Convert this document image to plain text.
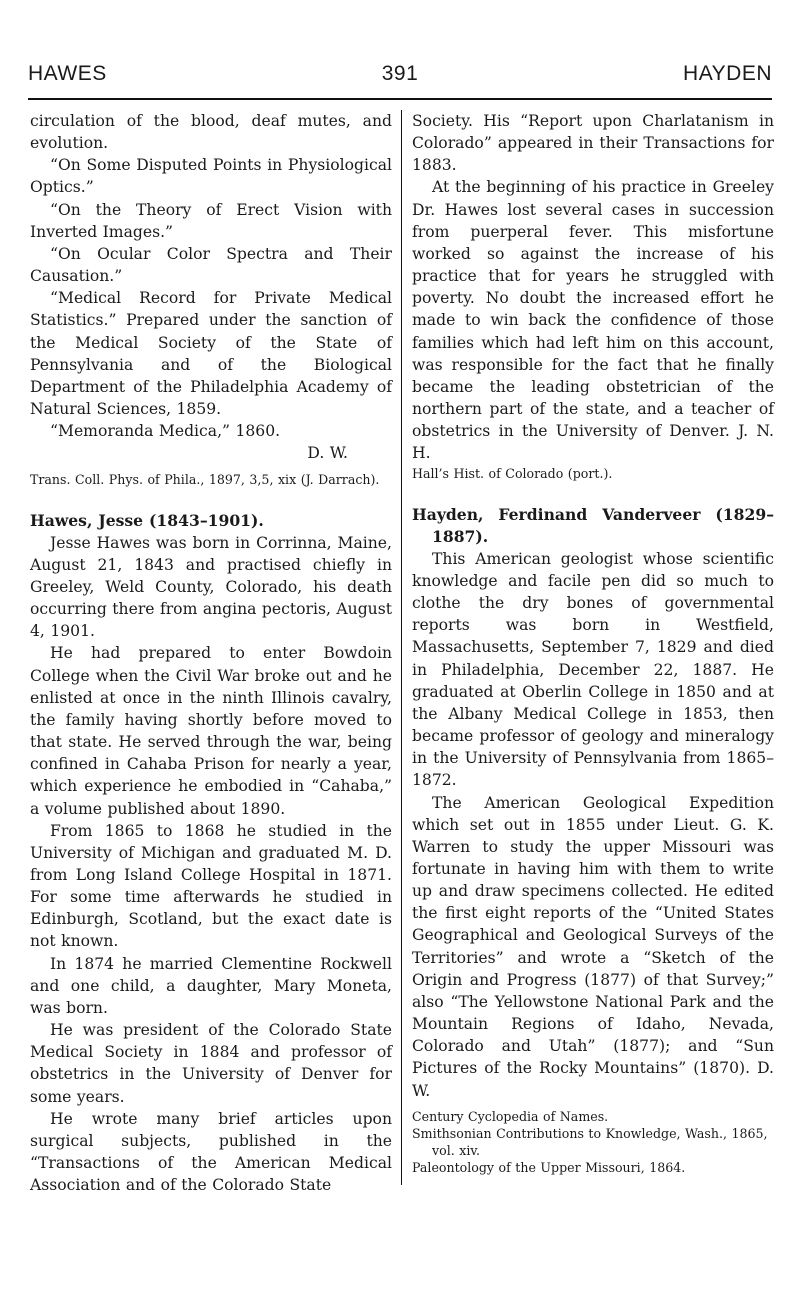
HAWES	391	HAYDEN

circulation of the blood, deaf mutes, and evolution.

“On Some Disputed Points in Physiological Optics.”

“On the Theory of Erect Vision with Inverted Images.”

“On Ocular Color Spectra and Their Causation.”

“Medical Record for Private Medical Statistics.” Prepared under the sanction of the Medical Society of the State of Pennsylvania and of the Biological Department of the Philadelphia Academy of Natural Sciences, 1859.

“Memoranda Medica,” 1860.

D. W.

Trans. Coll. Phys. of Phila., 1897, 3,5, xix (J. Darrach).

Hawes, Jesse (1843–1901).

Jesse Hawes was born in Corrinna, Maine, August 21, 1843 and practised chiefly in Greeley, Weld County, Colorado, his death occurring there from angina pectoris, August 4, 1901.

He had prepared to enter Bowdoin College when the Civil War broke out and he enlisted at once in the ninth Illinois cavalry, the family having shortly before moved to that state. He served through the war, being confined in Cahaba Prison for nearly a year, which experience he embodied in “Cahaba,” a volume published about 1890.

From 1865 to 1868 he studied in the University of Michigan and graduated M. D. from Long Island College Hospital in 1871. For some time afterwards he studied in Edinburgh, Scotland, but the exact date is not known.

In 1874 he married Clementine Rockwell and one child, a daughter, Mary Moneta, was born.

He was president of the Colorado State Medical Society in 1884 and professor of obstetrics in the University of Denver for some years.

He wrote many brief articles upon surgical subjects, published in the “Transactions of the American Medical Association and of the Colorado State

Society. His “Report upon Charlatanism in Colorado” appeared in their Transactions for 1883.

At the beginning of his practice in Greeley Dr. Hawes lost several cases in succession from puerperal fever. This misfortune worked so against the increase of his practice that for years he struggled with poverty. No doubt the increased effort he made to win back the confidence of those families which had left him on this account, was responsible for the fact that he finally became the leading obstetrician of the northern part of the state, and a teacher of obstetrics in the University of Denver. J. N. H.

Hall’s Hist. of Colorado (port.).

Hayden, Ferdinand Vanderveer (1829–1887).

This American geologist whose scientific knowledge and facile pen did so much to clothe the dry bones of governmental reports was born in Westfield, Massachusetts, September 7, 1829 and died in Philadelphia, December 22, 1887. He graduated at Oberlin College in 1850 and at the Albany Medical College in 1853, then became professor of geology and mineralogy in the University of Pennsylvania from 1865–1872.

The American Geological Expedition which set out in 1855 under Lieut. G. K. Warren to study the upper Missouri was fortunate in having him with them to write up and draw specimens collected. He edited the first eight reports of the “United States Geographical and Geological Surveys of the Territories” and wrote a “Sketch of the Origin and Progress (1877) of that Survey;” also “The Yellowstone National Park and the Mountain Regions of Idaho, Nevada, Colorado and Utah” (1877); and “Sun Pictures of the Rocky Mountains” (1870). D. W.

Century Cyclopedia of Names.

Smithsonian Contributions to Knowledge, Wash., 1865, vol. xiv.

Paleontology of the Upper Missouri, 1864.
